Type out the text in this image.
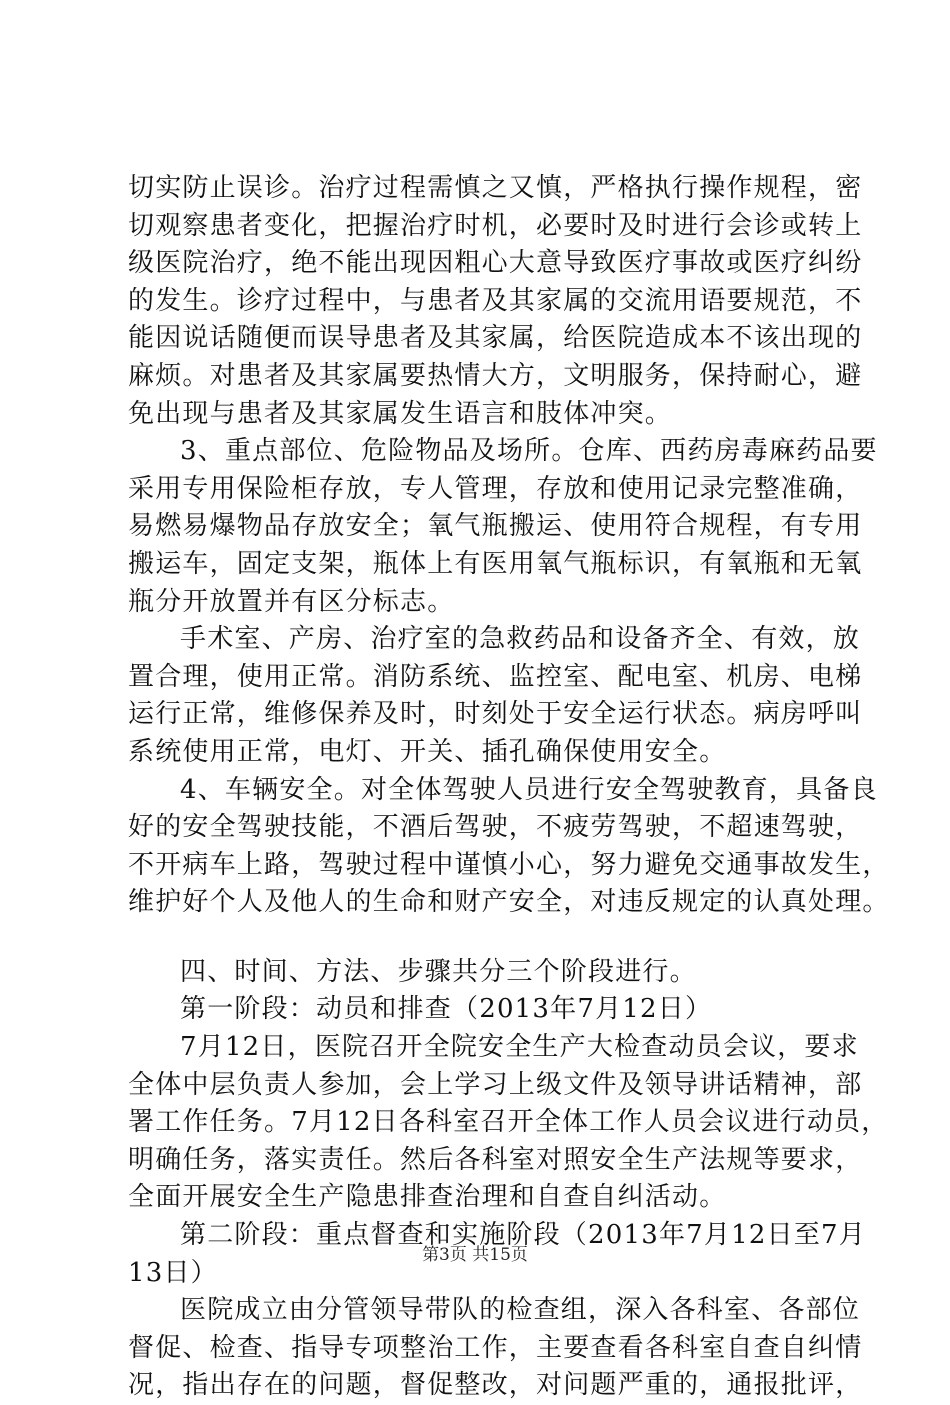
切实防止误诊。治疗过程需慎之又慎，严格执行操作规程，密
切观察患者变化，把握治疗时机，必要时及时进行会诊或转上
级医院治疗，绝不能出现因粗心大意导致医疗事故或医疗纠纷
的发生。诊疗过程中，与患者及其家属的交流用语要规范，不
能因说话随便而误导患者及其家属，给医院造成本不该出现的
麻烦。对患者及其家属要热情大方，文明服务，保持耐心，避
免出现与患者及其家属发生语言和肢体冲突。
3、重点部位、危险物品及场所。仓库、西药房毒麻药品要
采用专用保险柜存放，专人管理，存放和使用记录完整准确，
易燃易爆物品存放安全；氧气瓶搬运、使用符合规程，有专用
搬运车，固定支架，瓶体上有医用氧气瓶标识，有氧瓶和无氧
瓶分开放置并有区分标志。
手术室、产房、治疗室的急救药品和设备齐全、有效，放
置合理，使用正常。消防系统、监控室、配电室、机房、电梯
运行正常，维修保养及时，时刻处于安全运行状态。病房呼叫
系统使用正常，电灯、开关、插孔确保使用安全。
4、车辆安全。对全体驾驶人员进行安全驾驶教育，具备良
好的安全驾驶技能，不酒后驾驶，不疲劳驾驶，不超速驾驶，
不开病车上路，驾驶过程中谨慎小心，努力避免交通事故发生，
维护好个人及他人的生命和财产安全，对违反规定的认真处理。
四、时间、方法、步骤共分三个阶段进行。
第一阶段：动员和排查（2013年7月12日）
7月12日，医院召开全院安全生产大检查动员会议，要求
全体中层负责人参加，会上学习上级文件及领导讲话精神，部
署工作任务。7月12日各科室召开全体工作人员会议进行动员，
明确任务，落实责任。然后各科室对照安全生产法规等要求，
全面开展安全生产隐患排查治理和自查自纠活动。
第二阶段：重点督查和实施阶段（2013年7月12日至7月
13日）
医院成立由分管领导带队的检查组，深入各科室、各部位
督促、检查、指导专项整治工作，主要查看各科室自查自纠情
况，指出存在的问题，督促整改，对问题严重的，通报批评，
第3页 共15页
